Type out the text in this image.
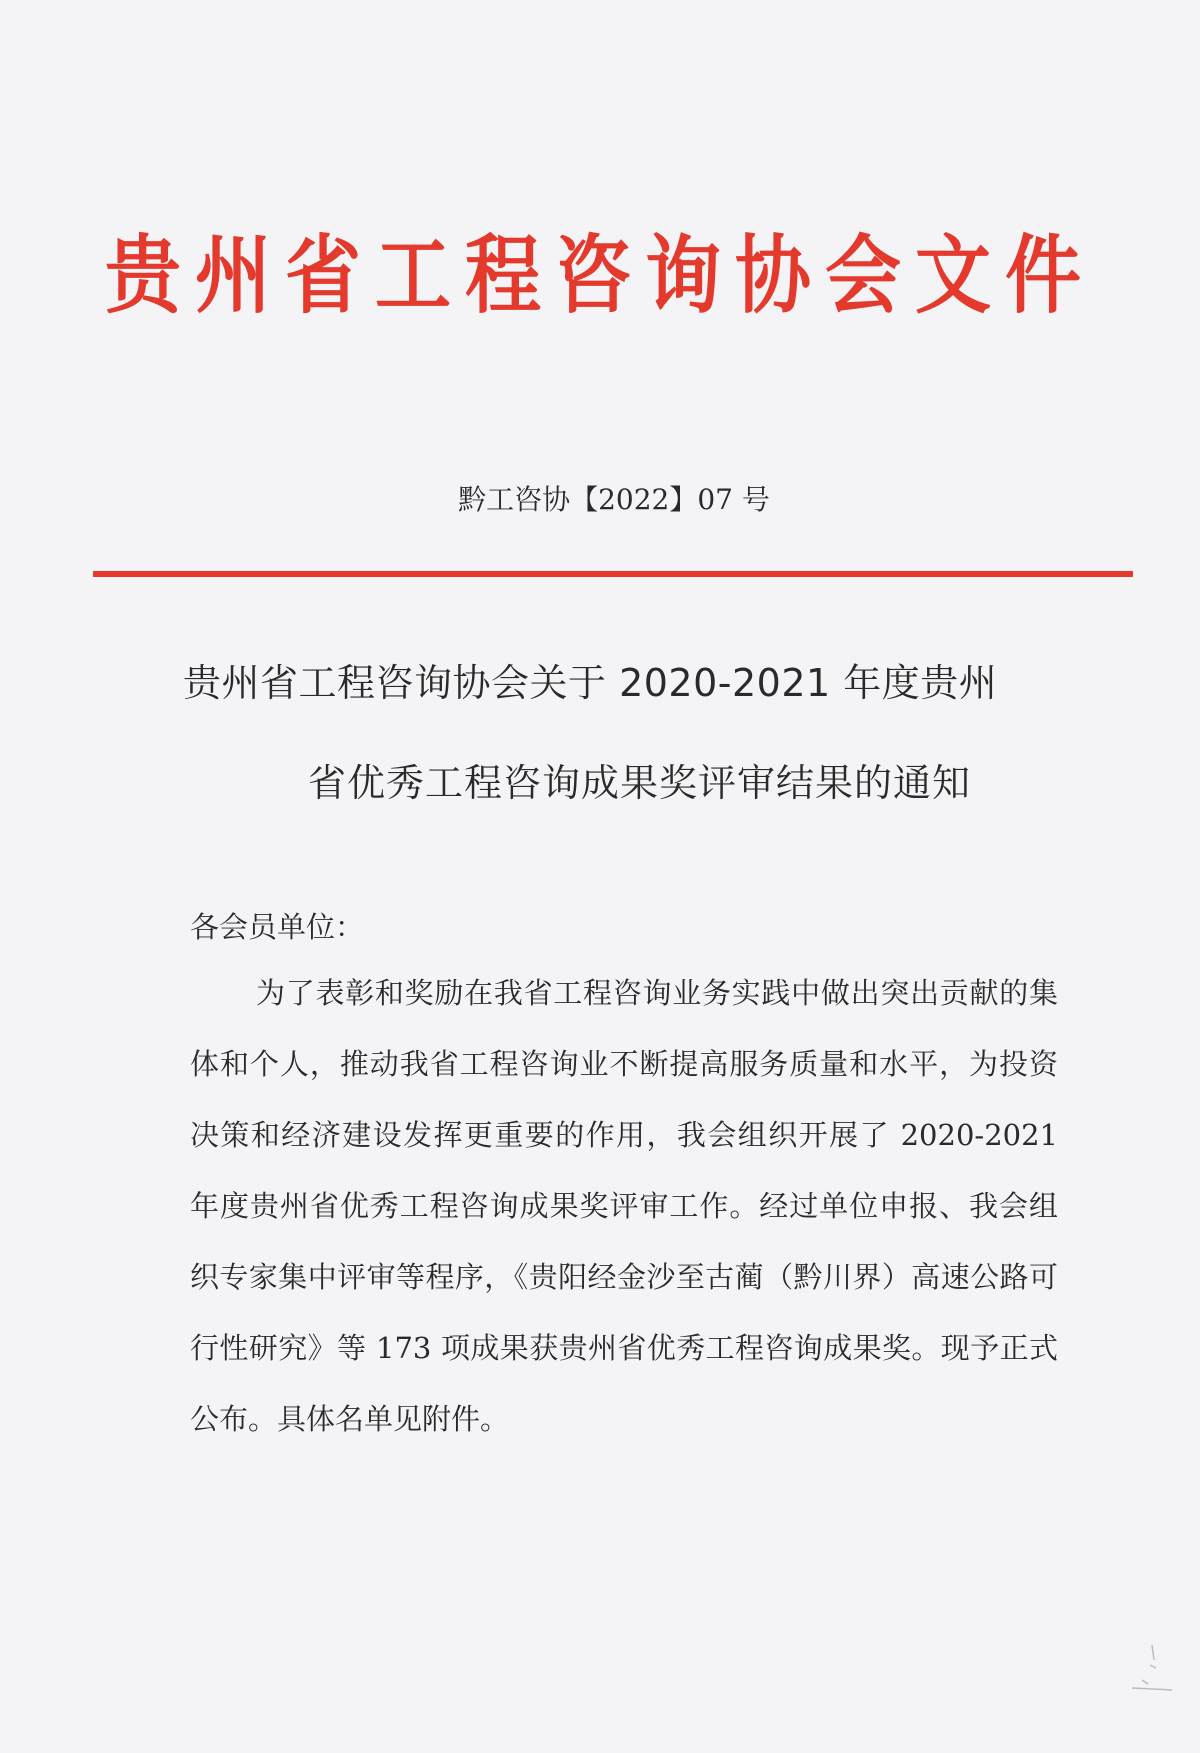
贵州省工程咨询协会文件
黔工咨协【2022】07 号
贵州省工程咨询协会关于 2020-2021 年度贵州
省优秀工程咨询成果奖评审结果的通知
各会员单位：

为了表彰和奖励在我省工程咨询业务实践中做出突出贡献的集体和个人，推动我省工程咨询业不断提高服务质量和水平，为投资决策和经济建设发挥更重要的作用，我会组织开展了 2020-2021 年度贵州省优秀工程咨询成果奖评审工作。经过单位申报、我会组织专家集中评审等程序，《贵阳经金沙至古蔺（黔川界）高速公路可行性研究》等 173 项成果获贵州省优秀工程咨询成果奖。现予正式公布。具体名单见附件。
